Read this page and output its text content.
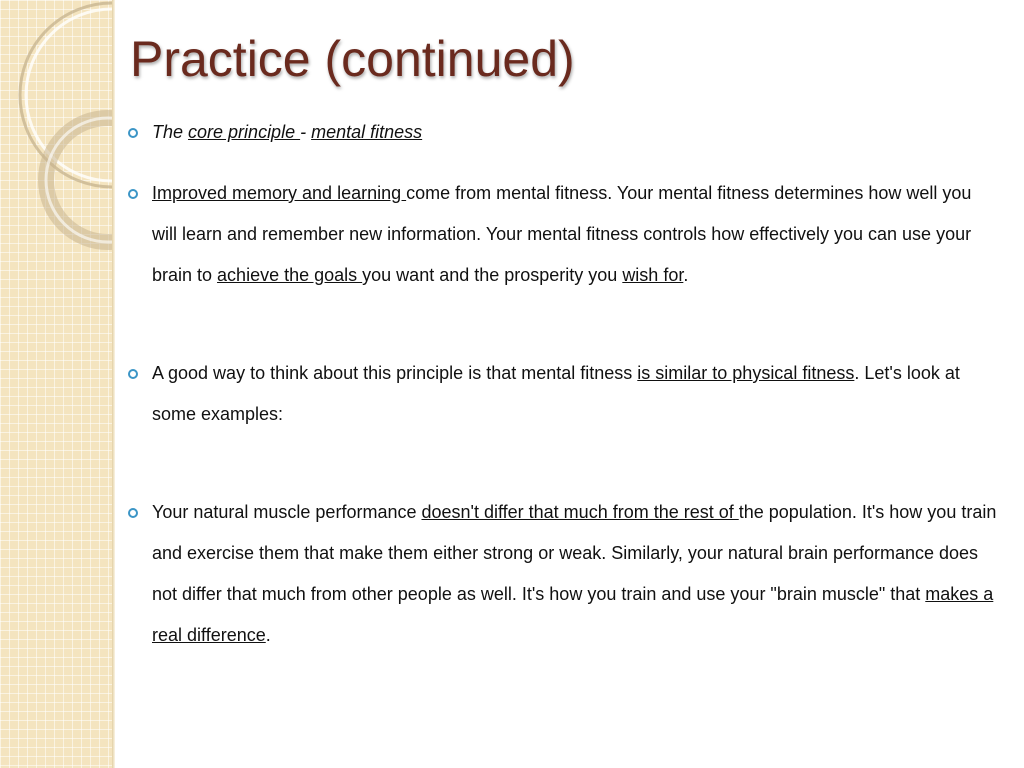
Practice (continued)
The core principle - mental fitness
Improved memory and learning come from mental fitness. Your mental fitness determines how well you will learn and remember new information. Your mental fitness controls how effectively you can use your brain to achieve the goals you want and the prosperity you wish for.
A good way to think about this principle is that mental fitness is similar to physical fitness. Let's look at some examples:
Your natural muscle performance doesn't differ that much from the rest of the population. It's how you train and exercise them that make them either strong or weak. Similarly, your natural brain performance does not differ that much from other people as well. It's how you train and use your "brain muscle" that makes a real difference.
